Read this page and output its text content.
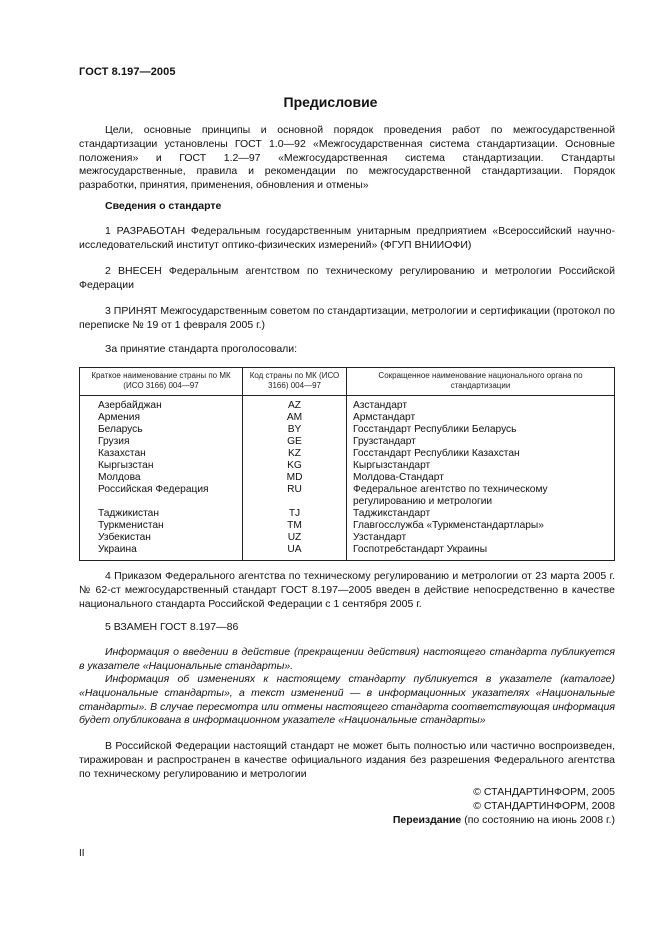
ГОСТ 8.197—2005
Предисловие
Цели, основные принципы и основной порядок проведения работ по межгосударственной стандартизации установлены ГОСТ 1.0—92 «Межгосударственная система стандартизации. Основные положения» и ГОСТ 1.2—97 «Межгосударственная система стандартизации. Стандарты межгосударственные, правила и рекомендации по межгосударственной стандартизации. Порядок разработки, принятия, применения, обновления и отмены»
Сведения о стандарте
1 РАЗРАБОТАН Федеральным государственным унитарным предприятием «Всероссийский научно-исследовательский институт оптико-физических измерений» (ФГУП ВНИИОФИ)
2 ВНЕСЕН Федеральным агентством по техническому регулированию и метрологии Российской Федерации
3 ПРИНЯТ Межгосударственным советом по стандартизации, метрологии и сертификации (протокол по переписке № 19 от 1 февраля 2005 г.)
За принятие стандарта проголосовали:
Краткое наименование страны по МК (ИСО 3166) 004—97	Код страны по МК (ИСО 3166) 004—97	Сокращенное наименование национального органа по стандартизации
Азербайджан	AZ	Азстандарт
Армения	AM	Армстандарт
Беларусь	BY	Госстандарт Республики Беларусь
Грузия	GE	Грузстандарт
Казахстан	KZ	Госстандарт Республики Казахстан
Кыргызстан	KG	Кыргызстандарт
Молдова	MD	Молдова-Стандарт
Российская Федерация	RU	Федеральное агентство по техническому регулированию и метрологии
Таджикистан	TJ	Таджикстандарт
Туркменистан	TM	Главгосслужба «Туркменстандартлары»
Узбекистан	UZ	Узстандарт
Украина	UA	Госпотребстандарт Украины
4 Приказом Федерального агентства по техническому регулированию и метрологии от 23 марта 2005 г. № 62-ст межгосударственный стандарт ГОСТ 8.197—2005 введен в действие непосредственно в качестве национального стандарта Российской Федерации с 1 сентября 2005 г.
5 ВЗАМЕН ГОСТ 8.197—86
Информация о введении в действие (прекращении действия) настоящего стандарта публикуется в указателе «Национальные стандарты».
Информация об изменениях к настоящему стандарту публикуется в указателе (каталоге) «Национальные стандарты», а текст изменений — в информационных указателях «Национальные стандарты». В случае пересмотра или отмены настоящего стандарта соответствующая информация будет опубликована в информационном указателе «Национальные стандарты»
В Российской Федерации настоящий стандарт не может быть полностью или частично воспроизведен, тиражирован и распространен в качестве официального издания без разрешения Федерального агентства по техническому регулированию и метрологии
© СТАНДАРТИНФОРМ, 2005
© СТАНДАРТИНФОРМ, 2008
Переиздание (по состоянию на июнь 2008 г.)
II
